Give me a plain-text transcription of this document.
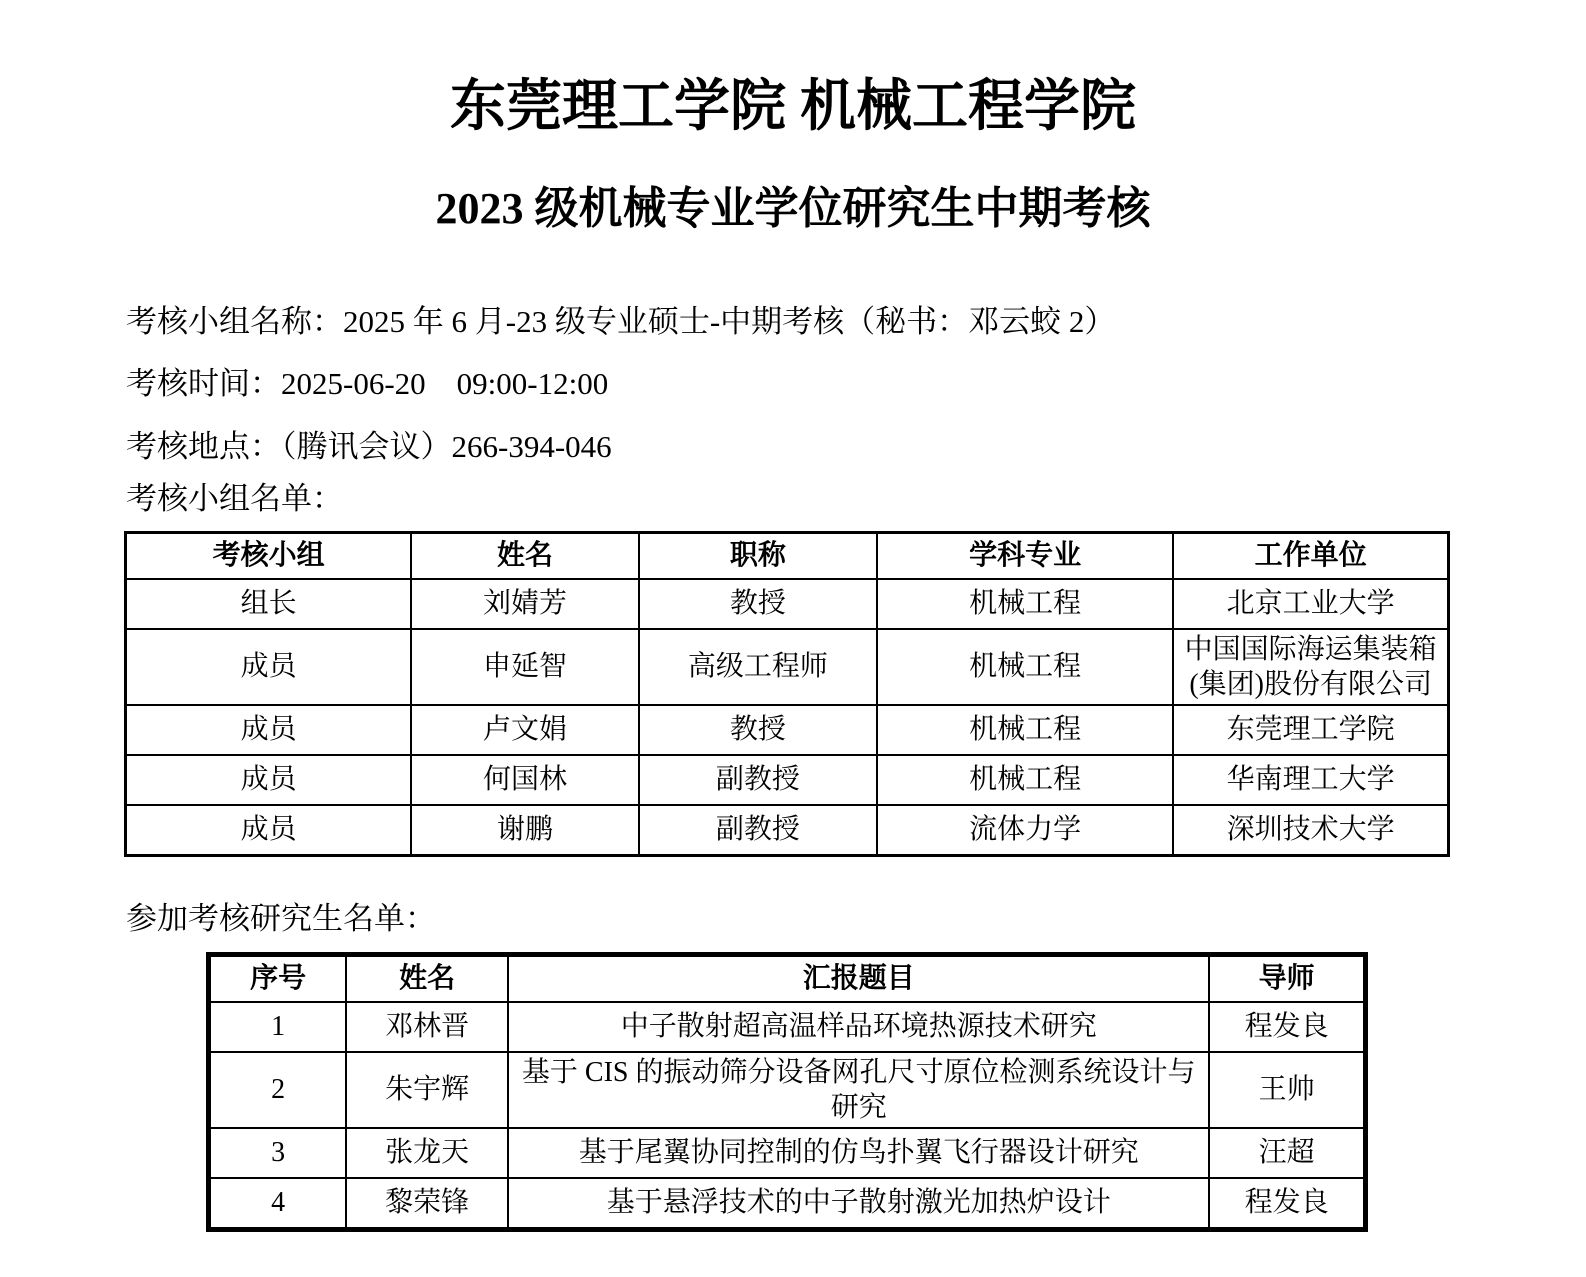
东莞理工学院 机械工程学院
2023 级机械专业学位研究生中期考核

考核小组名称：2025 年 6 月-23 级专业硕士-中期考核（秘书：邓云蛟 2）

考核时间：2025-06-20　09:00-12:00

考核地点：（腾讯会议）266-394-046

考核小组名单：

考核小组	姓名	职称	学科专业	工作单位
组长	刘婧芳	教授	机械工程	北京工业大学
成员	申延智	高级工程师	机械工程	中国国际海运集装箱(集团)股份有限公司
成员	卢文娟	教授	机械工程	东莞理工学院
成员	何国林	副教授	机械工程	华南理工大学
成员	谢鹏	副教授	流体力学	深圳技术大学

参加考核研究生名单：

序号	姓名	汇报题目	导师
1	邓林晋	中子散射超高温样品环境热源技术研究	程发良
2	朱宇辉	基于 CIS 的振动筛分设备网孔尺寸原位检测系统设计与研究	王帅
3	张龙天	基于尾翼协同控制的仿鸟扑翼飞行器设计研究	汪超
4	黎荣锋	基于悬浮技术的中子散射激光加热炉设计	程发良
